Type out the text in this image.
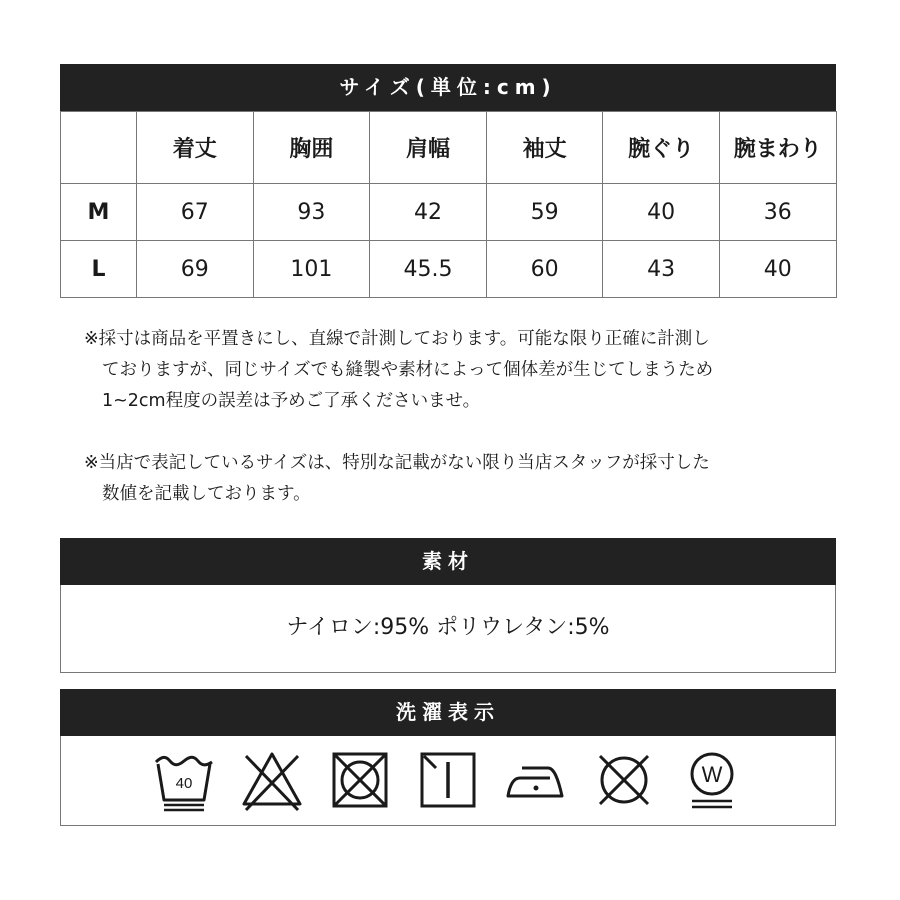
サイズ(単位:cm)
	着丈	胸囲	肩幅	袖丈	腕ぐり	腕まわり
M	67	93	42	59	40	36
L	69	101	45.5	60	43	40
※採寸は商品を平置きにし、直線で計測しております。可能な限り正確に計測し
ておりますが、同じサイズでも縫製や素材によって個体差が生じてしまうため
1~2cm程度の誤差は予めご了承くださいませ。
※当店で表記しているサイズは、特別な記載がない限り当店スタッフが採寸した
数値を記載しております。
素材
ナイロン:95% ポリウレタン:5%
洗濯表示
40	W
